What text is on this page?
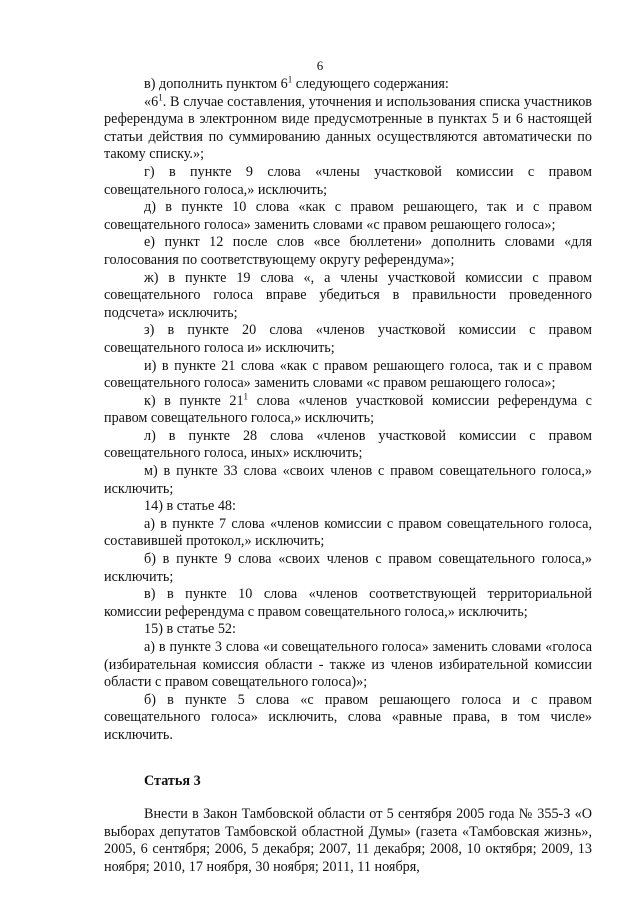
6

в) дополнить пунктом $6^1$ следующего содержания:

«$6^1$. В случае составления, уточнения и использования списка участников референдума в электронном виде предусмотренные в пунктах 5 и 6 настоящей статьи действия по суммированию данных осуществляются автоматически по такому списку.»;

г) в пункте 9 слова «члены участковой комиссии с правом совещательного голоса,» исключить;

д) в пункте 10 слова «как с правом решающего, так и с правом совещательного голоса» заменить словами «с правом решающего голоса»;

е) пункт 12 после слов «все бюллетени» дополнить словами «для голосования по соответствующему округу референдума»;

ж) в пункте 19 слова «, а члены участковой комиссии с правом совещательного голоса вправе убедиться в правильности проведенного подсчета» исключить;

з) в пункте 20 слова «членов участковой комиссии с правом совещательного голоса и» исключить;

и) в пункте 21 слова «как с правом решающего голоса, так и с правом совещательного голоса» заменить словами «с правом решающего голоса»;

к) в пункте $21^1$ слова «членов участковой комиссии референдума с правом совещательного голоса,» исключить;

л) в пункте 28 слова «членов участковой комиссии с правом совещательного голоса, иных» исключить;

м) в пункте 33 слова «своих членов с правом совещательного голоса,» исключить;

14) в статье 48:

а) в пункте 7 слова «членов комиссии с правом совещательного голоса, составившей протокол,» исключить;

б) в пункте 9 слова «своих членов с правом совещательного голоса,» исключить;

в) в пункте 10 слова «членов соответствующей территориальной комиссии референдума с правом совещательного голоса,» исключить;

15) в статье 52:

а) в пункте 3 слова «и совещательного голоса» заменить словами «голоса (избирательная комиссия области - также из членов избирательной комиссии области с правом совещательного голоса)»;

б) в пункте 5 слова «с правом решающего голоса и с правом совещательного голоса» исключить, слова «равные права, в том числе» исключить.

Статья 3

Внести в Закон Тамбовской области от 5 сентября 2005 года № 355-З «О выборах депутатов Тамбовской областной Думы» (газета «Тамбовская жизнь», 2005, 6 сентября; 2006, 5 декабря; 2007, 11 декабря; 2008, 10 октября; 2009, 13 ноября; 2010, 17 ноября, 30 ноября; 2011, 11 ноября,
